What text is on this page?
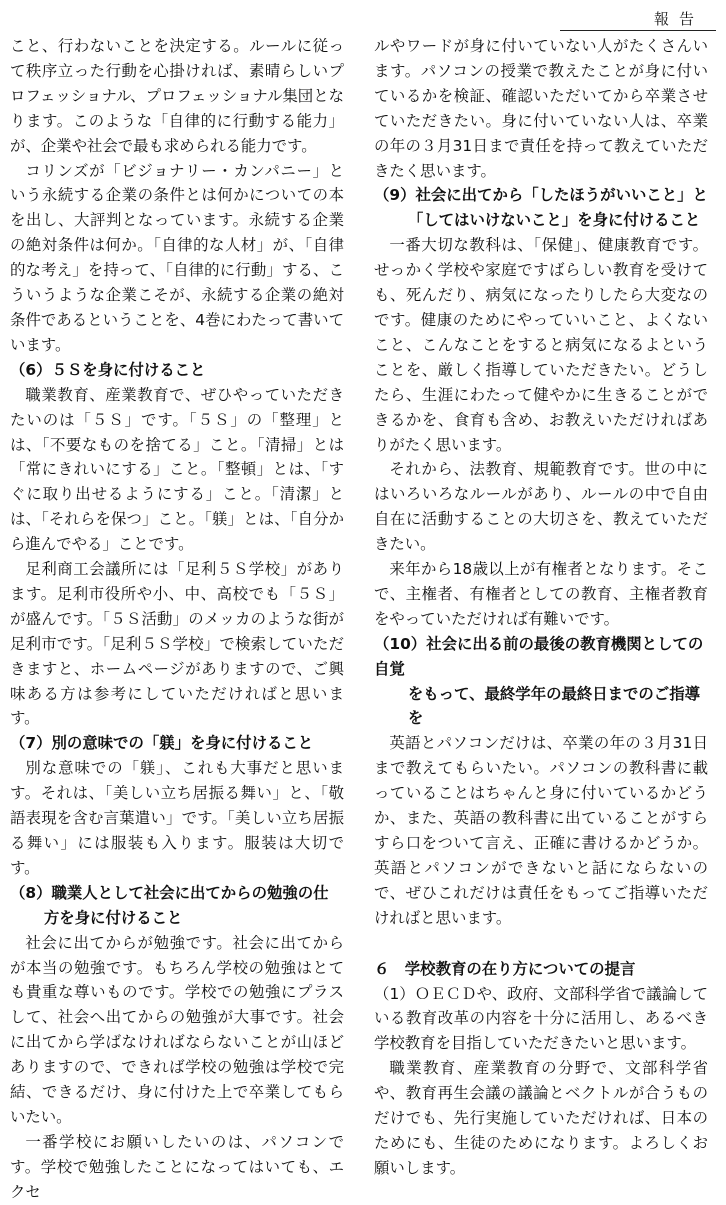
報告

こと、行わないことを決定する。ルールに従って秩序立った行動を心掛ければ、素晴らしいプロフェッショナル、プロフェッショナル集団となります。このような「自律的に行動する能力」が、企業や社会で最も求められる能力です。

コリンズが「ビジョナリー・カンパニー」という永続する企業の条件とは何かについての本を出し、大評判となっています。永続する企業の絶対条件は何か。「自律的な人材」が、「自律的な考え」を持って、「自律的に行動」する、こういうような企業こそが、永続する企業の絶対条件であるということを、4巻にわたって書いています。

（6）５Ｓを身に付けること

職業教育、産業教育で、ぜひやっていただきたいのは「５Ｓ」です。「５Ｓ」の「整理」とは、「不要なものを捨てる」こと。「清掃」とは「常にきれいにする」こと。「整頓」とは、「すぐに取り出せるようにする」こと。「清潔」とは、「それらを保つ」こと。「躾」とは、「自分から進んでやる」ことです。

足利商工会議所には「足利５Ｓ学校」があります。足利市役所や小、中、高校でも「５Ｓ」が盛んです。「５Ｓ活動」のメッカのような街が足利市です。「足利５Ｓ学校」で検索していただきますと、ホームページがありますので、ご興味ある方は参考にしていただければと思います。

（7）別の意味での「躾」を身に付けること

別な意味での「躾」、これも大事だと思います。それは、「美しい立ち居振る舞い」と、「敬語表現を含む言葉遣い」です。「美しい立ち居振る舞い」には服装も入ります。服装は大切です。

（8）職業人として社会に出てからの勉強の仕
方を身に付けること

社会に出てからが勉強です。社会に出てからが本当の勉強です。もちろん学校の勉強はとても貴重な尊いものです。学校での勉強にプラスして、社会へ出てからの勉強が大事です。社会に出てから学ばなければならないことが山ほどありますので、できれば学校の勉強は学校で完結、できるだけ、身に付けた上で卒業してもらいたい。

一番学校にお願いしたいのは、パソコンです。学校で勉強したことになってはいても、エクセ

ルやワードが身に付いていない人がたくさんいます。パソコンの授業で教えたことが身に付いているかを検証、確認いただいてから卒業させていただきたい。身に付いていない人は、卒業の年の３月31日まで責任を持って教えていただきたく思います。

（9）社会に出てから「したほうがいいこと」と
「してはいけないこと」を身に付けること

一番大切な教科は、「保健」、健康教育です。せっかく学校や家庭ですばらしい教育を受けても、死んだり、病気になったりしたら大変なのです。健康のためにやっていいこと、よくないこと、こんなことをすると病気になるよということを、厳しく指導していただきたい。どうしたら、生涯にわたって健やかに生きることができるかを、食育も含め、お教えいただければありがたく思います。

それから、法教育、規範教育です。世の中にはいろいろなルールがあり、ルールの中で自由自在に活動することの大切さを、教えていただきたい。

来年から18歳以上が有権者となります。そこで、主権者、有権者としての教育、主権者教育をやっていただければ有難いです。

（10）社会に出る前の最後の教育機関としての自覚
をもって、最終学年の最終日までのご指導を

英語とパソコンだけは、卒業の年の３月31日まで教えてもらいたい。パソコンの教科書に載っていることはちゃんと身に付いているかどうか、また、英語の教科書に出ていることがすらすら口をついて言え、正確に書けるかどうか。英語とパソコンができないと話にならないので、ぜひこれだけは責任をもってご指導いただければと思います。

６　学校教育の在り方についての提言

（1）ＯＥＣＤや、政府、文部科学省で議論している教育改革の内容を十分に活用し、あるべき学校教育を目指していただきたいと思います。

職業教育、産業教育の分野で、文部科学省や、教育再生会議の議論とベクトルが合うものだけでも、先行実施していただければ、日本のためにも、生徒のためになります。よろしくお願いします。
